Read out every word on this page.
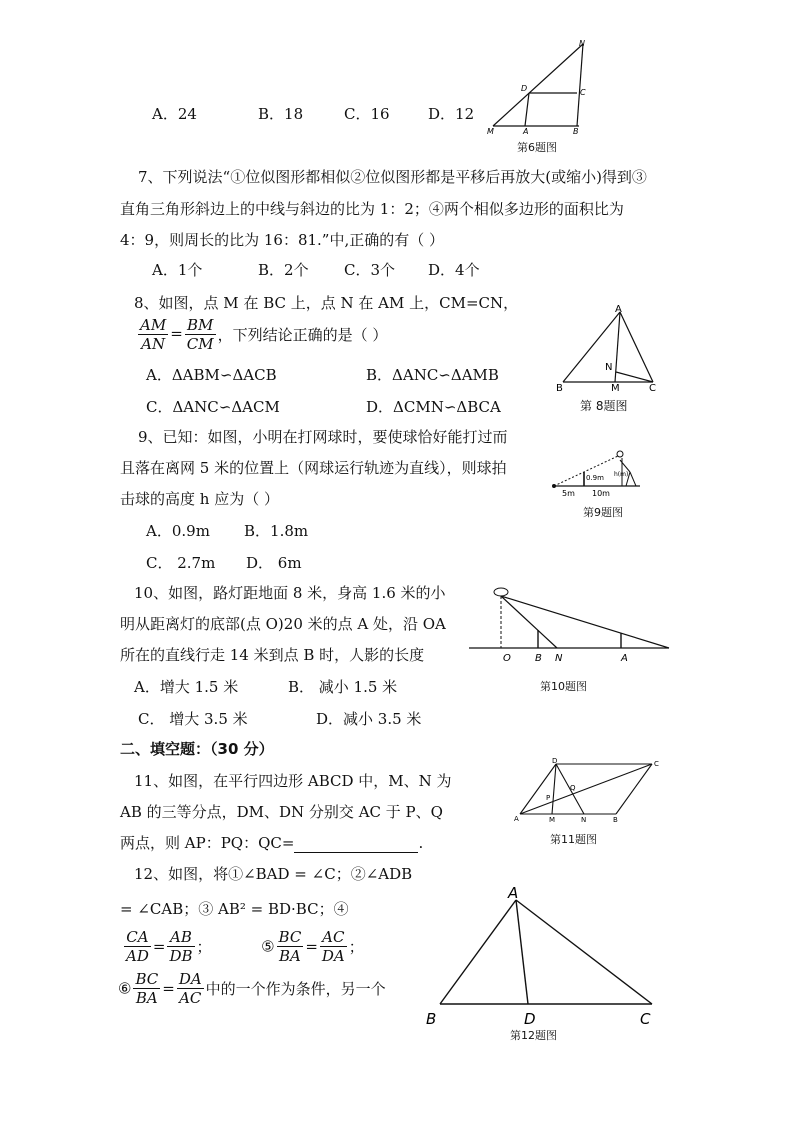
A．24	B．18	C．16	D．12
N
D	C
M	A	B
第6题图
7、下列说法“①位似图形都相似②位似图形都是平移后再放大(或缩小)得到③
直角三角形斜边上的中线与斜边的比为 1：2；④两个相似多边形的面积比为
4：9，则周长的比为 16：81.”中,正确的有（ ）
A．1个	B．2个 C．3个 D．4个
8、如图，点 M 在 BC 上，点 N 在 AM 上，CM=CN，
$\frac{AM}{AN} = \frac{BM}{CM}$ ，下列结论正确的是（ ）
A．ΔABM∽ΔACB	B．ΔANC∽ΔAMB
C．ΔANC∽ΔACM	D．ΔCMN∽ΔBCA
A
N
B	M	C
第 8题图
9、已知：如图，小明在打网球时，要使球恰好能打过而
且落在离网 5 米的位置上（网球运行轨迹为直线），则球拍
击球的高度 h 应为（ ）
A．0.9m B．1.8m
C． 2.7m D． 6m
5m 10m
0.9m h(m)
第9题图
10、如图，路灯距地面 8 米，身高 1.6 米的小
明从距离灯的底部(点 O)20 米的点 A 处，沿 OA
所在的直线行走 14 米到点 B 时，人影的长度
A．增大 1.5 米	B． 减小 1.5 米
C． 增大 3.5 米	D．减小 3.5 米
O B N	A
第10题图
二、填空题：（30 分）
11、如图，在平行四边形 ABCD 中，M、N 为
AB 的三等分点，DM、DN 分别交 AC 于 P、Q
两点，则 AP：PQ：QC=	.
D	C
P
Q
A	M	N	B
第11题图
12、如图，将①∠BAD = ∠C；②∠ADB
= ∠CAB；③ AB² = BD·BC；④
$\frac{CA}{AD} = \frac{AB}{DB}$ ；	⑤ $\frac{BC}{BA} = \frac{AC}{DA}$ ；
⑥ $\frac{BC}{BA} = \frac{DA}{AC}$ 中的一个作为条件，另一个
A
B	D	C
第12题图
